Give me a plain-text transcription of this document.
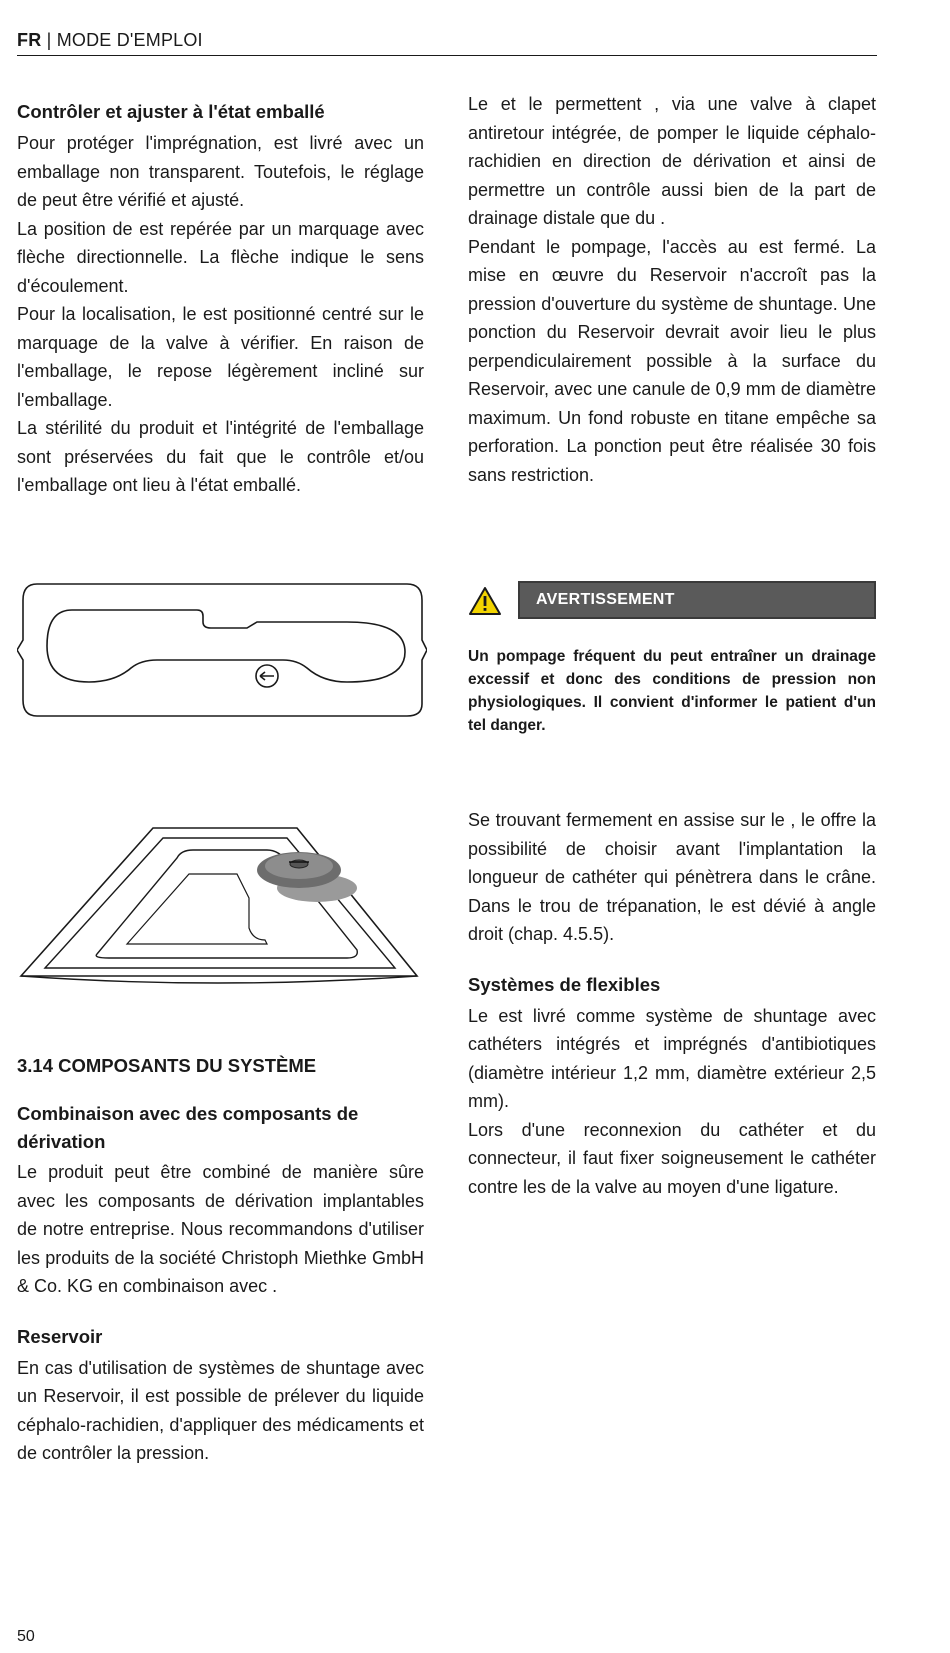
FR | MODE D'EMPLOI
Contrôler et ajuster à l'état emballé

Pour protéger l'imprégnation, est livré avec un emballage non transparent. Toutefois, le réglage de peut être vérifié et ajusté.

La position de est repérée par un marquage avec flèche directionnelle. La flèche indique le sens d'écoulement.

Pour la localisation, le est positionné centré sur le marquage de la valve à vérifier. En raison de l'emballage, le repose légèrement incliné sur l'emballage.

La stérilité du produit et l'intégrité de l'emballage sont préservées du fait que le contrôle et/ou l'emballage ont lieu à l'état emballé.

3.14 COMPOSANTS DU SYSTÈME
Combinaison avec des composants de dérivation

Le produit peut être combiné de manière sûre avec les composants de dérivation implantables de notre entreprise. Nous recommandons d'utiliser les produits de la société Christoph Miethke GmbH & Co. KG en combinaison avec .

Reservoir

En cas d'utilisation de systèmes de shuntage avec un Reservoir, il est possible de prélever du liquide céphalo-rachidien, d'appliquer des médicaments et de contrôler la pression.

Le et le permettent , via une valve à clapet antiretour intégrée, de pomper le liquide céphalo-rachidien en direction de dérivation et ainsi de permettre un contrôle aussi bien de la part de drainage distale que du .

Pendant le pompage, l'accès au est fermé. La mise en œuvre du Reservoir n'accroît pas la pression d'ouverture du système de shuntage. Une ponction du Reservoir devrait avoir lieu le plus perpendiculairement possible à la surface du Reservoir, avec une canule de 0,9 mm de diamètre maximum. Un fond robuste en titane empêche sa perforation. La ponction peut être réalisée 30 fois sans restriction.

AVERTISSEMENT
Un pompage fréquent du peut entraîner un drainage excessif et donc des conditions de pression non physiologiques. Il convient d'informer le patient d'un tel danger.

Se trouvant fermement en assise sur le , le offre la possibilité de choisir avant l'implantation la longueur de cathéter qui pénètrera dans le crâne. Dans le trou de trépanation, le est dévié à angle droit (chap. 4.5.5).

Systèmes de flexibles

Le est livré comme système de shuntage avec cathéters intégrés et imprégnés d'antibiotiques (diamètre intérieur 1,2 mm, diamètre extérieur 2,5 mm).

Lors d'une reconnexion du cathéter et du connecteur, il faut fixer soigneusement le cathéter contre les de la valve au moyen d'une ligature.

50
